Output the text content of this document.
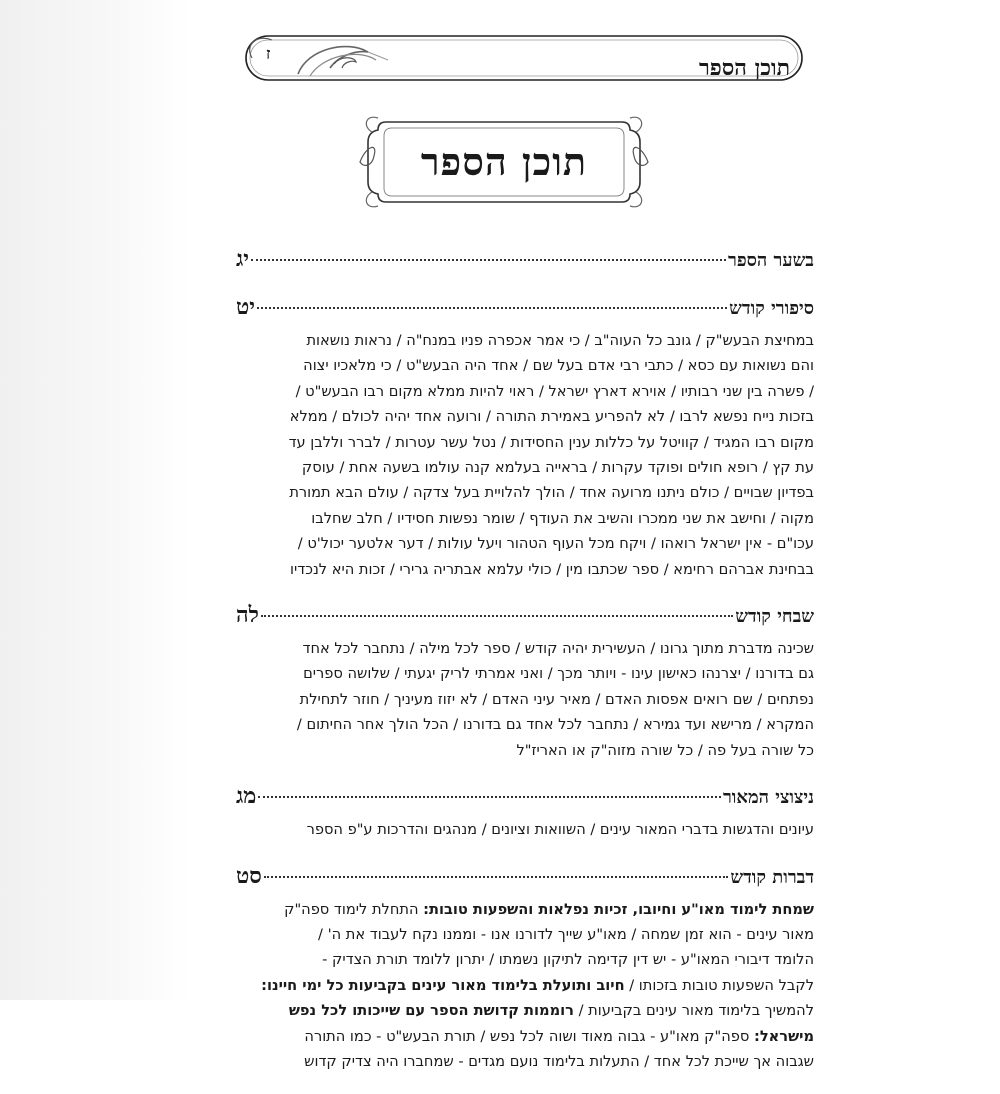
ז
תוכן הספר
תוכן הספר
בשער הספר
יג
סיפורי קודש
יט
במחיצת הבעש"ק / גונב כל העוה"ב / כי אמר אכפרה פניו במנח"ה / נראות נושאות
והם נשואות עם כסא / כתבי רבי אדם בעל שם / אחד היה הבעש"ט / כי מלאכיו יצוה
/ פשרה בין שני רבותיו / אוירא דארץ ישראל / ראוי להיות ממלא מקום רבו הבעש"ט /
בזכות נייח נפשא לרבו / לא להפריע באמירת התורה / ורועה אחד יהיה לכולם / ממלא
מקום רבו המגיד / קוויטל על כללות ענין החסידות / נטל עשר עטרות / לברר וללבן עד
עת קץ / רופא חולים ופוקד עקרות / בראייה בעלמא קנה עולמו בשעה אחת / עוסק
בפדיון שבויים / כולם ניתנו מרועה אחד / הולך להלויית בעל צדקה / עולם הבא תמורת
מקוה / וחישב את שני ממכרו והשיב את העודף / שומר נפשות חסידיו / חלב שחלבו
עכו"ם - אין ישראל רואהו / ויקח מכל העוף הטהור ויעל עולות / דער אלטער יכול'ט /
בבחינת אברהם רחימא / ספר שכתבו מין / כולי עלמא אבתריה גרירי / זכות היא לנכדיו
שבחי קודש
לה
שכינה מדברת מתוך גרונו / העשירית יהיה קודש / ספר לכל מילה / נתחבר לכל אחד
גם בדורנו / יצרנהו כאישון עינו - ויותר מכך / ואני אמרתי לריק יגעתי / שלושה ספרים
נפתחים / שם רואים אפסות האדם / מאיר עיני האדם / לא יזוז מעיניך / חוזר לתחילת
המקרא / מרישא ועד גמירא / נתחבר לכל אחד גם בדורנו / הכל הולך אחר החיתום /
כל שורה בעל פה / כל שורה מזוה"ק או האריז"ל
ניצוצי המאור
מג
עיונים והדגשות בדברי המאור עינים / השוואות וציונים / מנהגים והדרכות ע"פ הספר
דברות קודש
סט
שמחת לימוד מאו"ע וחיובו, זכיות נפלאות והשפעות טובות: התחלת לימוד ספה"ק
מאור עינים - הוא זמן שמחה / מאו"ע שייך לדורנו אנו - וממנו נקח לעבוד את ה' /
הלומד דיבורי המאו"ע - יש דין קדימה לתיקון נשמתו / יתרון ללומד תורת הצדיק -
לקבל השפעות טובות בזכותו / חיוב ותועלת בלימוד מאור עינים בקביעות כל ימי חיינו:
להמשיך בלימוד מאור עינים בקביעות / רוממות קדושת הספר עם שייכותו לכל נפש
מישראל: ספה"ק מאו"ע - גבוה מאוד ושוה לכל נפש / תורת הבעש"ט - כמו התורה
שגבוה אך שייכת לכל אחד / התעלות בלימוד נועם מגדים - שמחברו היה צדיק קדוש
